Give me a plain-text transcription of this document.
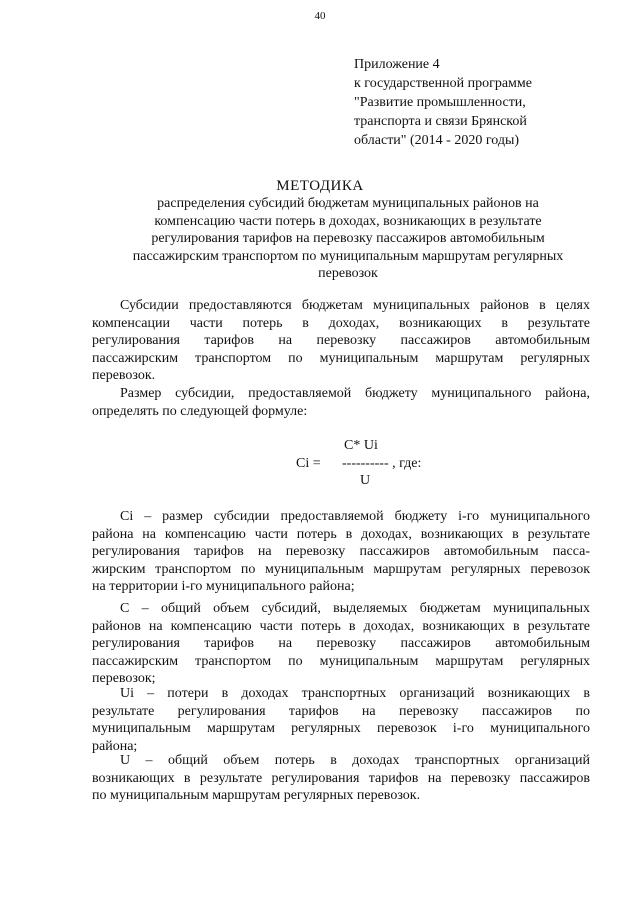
40
Приложение 4
к государственной программе
"Развитие промышленности,
транспорта и связи Брянской
области" (2014 - 2020 годы)
МЕТОДИКА
распределения субсидий бюджетам муниципальных районов на
компенсацию части потерь в доходах, возникающих в результате
регулирования тарифов на перевозку пассажиров автомобильным
пассажирским транспортом по муниципальным маршрутам регулярных
перевозок
Субсидии предоставляются бюджетам муниципальных районов в целях
компенсации части потерь в доходах, возникающих в результате
регулирования тарифов на перевозку пассажиров автомобильным
пассажирским транспортом по муниципальным маршрутам регулярных
перевозок.
Размер субсидии, предоставляемой бюджету муниципального района,
определять по следующей формуле:
C* Ui
Ci = ---------- , где:
U
Ci – размер субсидии предоставляемой бюджету i-го муниципального
района на компенсацию части потерь в доходах, возникающих в результате
регулирования тарифов на перевозку пассажиров автомобильным пасса-
жирским транспортом по муниципальным маршрутам регулярных перевозок
на территории i-го муниципального района;
С – общий объем субсидий, выделяемых бюджетам муниципальных
районов на компенсацию части потерь в доходах, возникающих в результате
регулирования тарифов на перевозку пассажиров автомобильным
пассажирским транспортом по муниципальным маршрутам регулярных
перевозок;
Ui – потери в доходах транспортных организаций возникающих в
результате регулирования тарифов на перевозку пассажиров по
муниципальным маршрутам регулярных перевозок i-го муниципального
района;
U – общий объем потерь в доходах транспортных организаций
возникающих в результате регулирования тарифов на перевозку пассажиров
по муниципальным маршрутам регулярных перевозок.
